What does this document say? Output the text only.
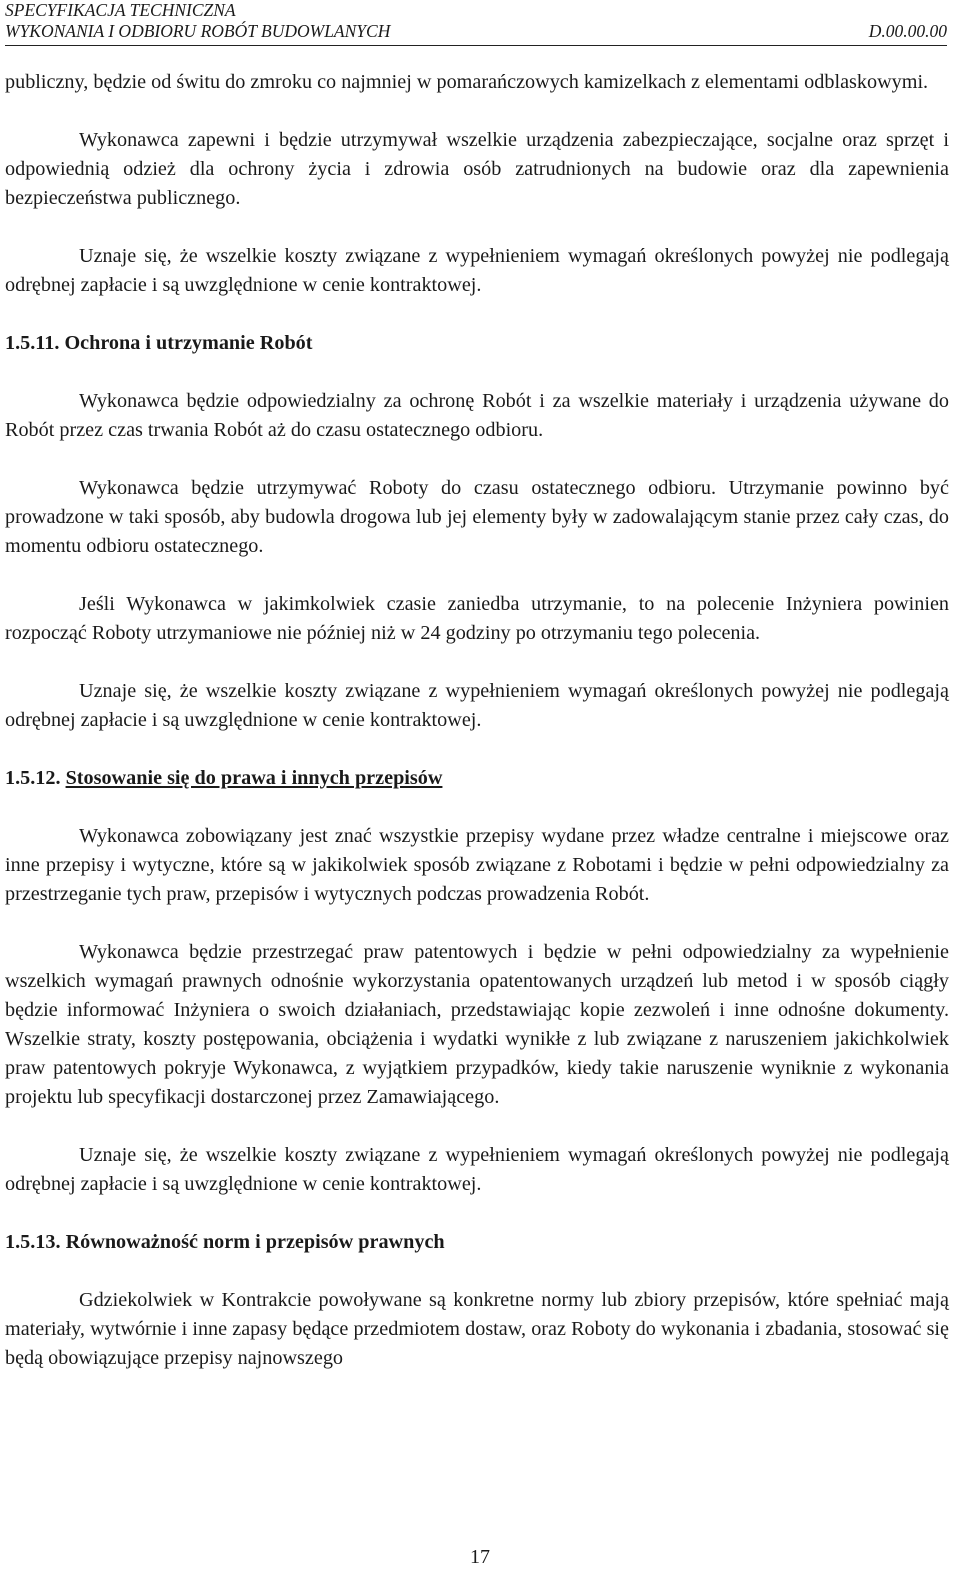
SPECYFIKACJA TECHNICZNA
WYKONANIA I ODBIORU ROBÓT BUDOWLANYCH	D.00.00.00

publiczny, będzie od świtu do zmroku co najmniej w pomarańczowych kamizelkach z elementami odblaskowymi.

Wykonawca zapewni i będzie utrzymywał wszelkie urządzenia zabezpieczające, socjalne oraz sprzęt i odpowiednią odzież dla ochrony życia i zdrowia osób zatrudnionych na budowie oraz dla zapewnienia bezpieczeństwa publicznego.

Uznaje się, że wszelkie koszty związane z wypełnieniem wymagań określonych powyżej nie podlegają odrębnej zapłacie i są uwzględnione w cenie kontraktowej.

1.5.11. Ochrona i utrzymanie Robót

Wykonawca będzie odpowiedzialny za ochronę Robót i za wszelkie materiały i urządzenia używane do Robót przez czas trwania Robót aż do czasu ostatecznego odbioru.

Wykonawca będzie utrzymywać Roboty do czasu ostatecznego odbioru. Utrzymanie powinno być prowadzone w taki sposób, aby budowla drogowa lub jej elementy były w zadowalającym stanie przez cały czas, do momentu odbioru ostatecznego.

Jeśli Wykonawca w jakimkolwiek czasie zaniedba utrzymanie, to na polecenie Inżyniera powinien rozpocząć Roboty utrzymaniowe nie później niż w 24 godziny po otrzymaniu tego polecenia.

Uznaje się, że wszelkie koszty związane z wypełnieniem wymagań określonych powyżej nie podlegają odrębnej zapłacie i są uwzględnione w cenie kontraktowej.

1.5.12. Stosowanie się do prawa i innych przepisów

Wykonawca zobowiązany jest znać wszystkie przepisy wydane przez władze centralne i miejscowe oraz inne przepisy i wytyczne, które są w jakikolwiek sposób związane z Robotami i będzie w pełni odpowiedzialny za przestrzeganie tych praw, przepisów i wytycznych podczas prowadzenia Robót.

Wykonawca będzie przestrzegać praw patentowych i będzie w pełni odpowiedzialny za wypełnienie wszelkich wymagań prawnych odnośnie wykorzystania opatentowanych urządzeń lub metod i w sposób ciągły będzie informować Inżyniera o swoich działaniach, przedstawiając kopie zezwoleń i inne odnośne dokumenty. Wszelkie straty, koszty postępowania, obciążenia i wydatki wynikłe z lub związane z naruszeniem jakichkolwiek praw patentowych pokryje Wykonawca, z wyjątkiem przypadków, kiedy takie naruszenie wyniknie z wykonania projektu lub specyfikacji dostarczonej przez Zamawiającego.

Uznaje się, że wszelkie koszty związane z wypełnieniem wymagań określonych powyżej nie podlegają odrębnej zapłacie i są uwzględnione w cenie kontraktowej.

1.5.13. Równoważność norm i przepisów prawnych

Gdziekolwiek w Kontrakcie powoływane są konkretne normy lub zbiory przepisów, które spełniać mają materiały, wytwórnie i inne zapasy będące przedmiotem dostaw, oraz Roboty do wykonania i zbadania, stosować się będą obowiązujące przepisy najnowszego

17
